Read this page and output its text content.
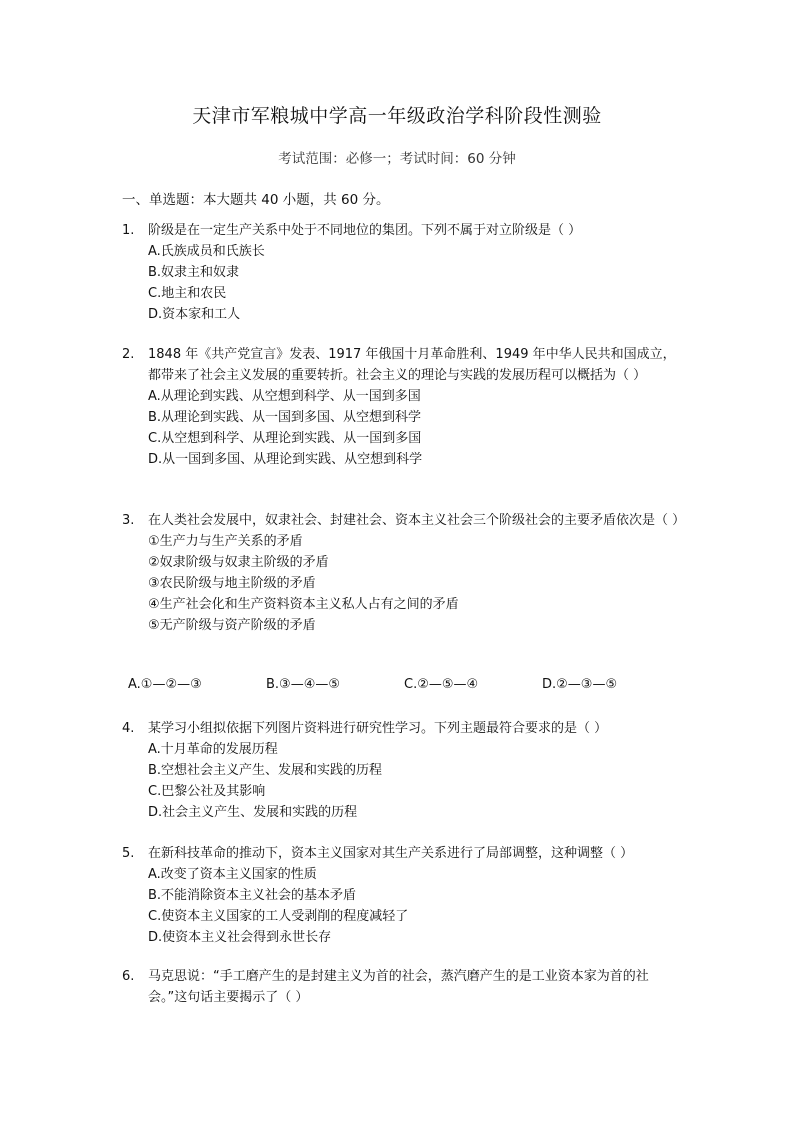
天津市军粮城中学高一年级政治学科阶段性测验
考试范围：必修一；考试时间：60 分钟
一、单选题：本大题共 40 小题，共 60 分。
1. 阶级是在一定生产关系中处于不同地位的集团。下列不属于对立阶级是（ ）
A.氏族成员和氏族长
B.奴隶主和奴隶
C.地主和农民
D.资本家和工人
2. 1848 年《共产党宣言》发表、1917 年俄国十月革命胜利、1949 年中华人民共和国成立，都带来了社会主义发展的重要转折。社会主义的理论与实践的发展历程可以概括为（ ）
A.从理论到实践、从空想到科学、从一国到多国
B.从理论到实践、从一国到多国、从空想到科学
C.从空想到科学、从理论到实践、从一国到多国
D.从一国到多国、从理论到实践、从空想到科学
3. 在人类社会发展中，奴隶社会、封建社会、资本主义社会三个阶级社会的主要矛盾依次是（ ）
①生产力与生产关系的矛盾
②奴隶阶级与奴隶主阶级的矛盾
③农民阶级与地主阶级的矛盾
④生产社会化和生产资料资本主义私人占有之间的矛盾
⑤无产阶级与资产阶级的矛盾
A.①—②—③	B.③—④—⑤	C.②—⑤—④	D.②—③—⑤
4. 某学习小组拟依据下列图片资料进行研究性学习。下列主题最符合要求的是（ ）
A.十月革命的发展历程
B.空想社会主义产生、发展和实践的历程
C.巴黎公社及其影响
D.社会主义产生、发展和实践的历程
5. 在新科技革命的推动下，资本主义国家对其生产关系进行了局部调整，这种调整（ ）
A.改变了资本主义国家的性质
B.不能消除资本主义社会的基本矛盾
C.使资本主义国家的工人受剥削的程度减轻了
D.使资本主义社会得到永世长存
6. 马克思说：“手工磨产生的是封建主义为首的社会，蒸汽磨产生的是工业资本家为首的社会。”这句话主要揭示了（ ）
